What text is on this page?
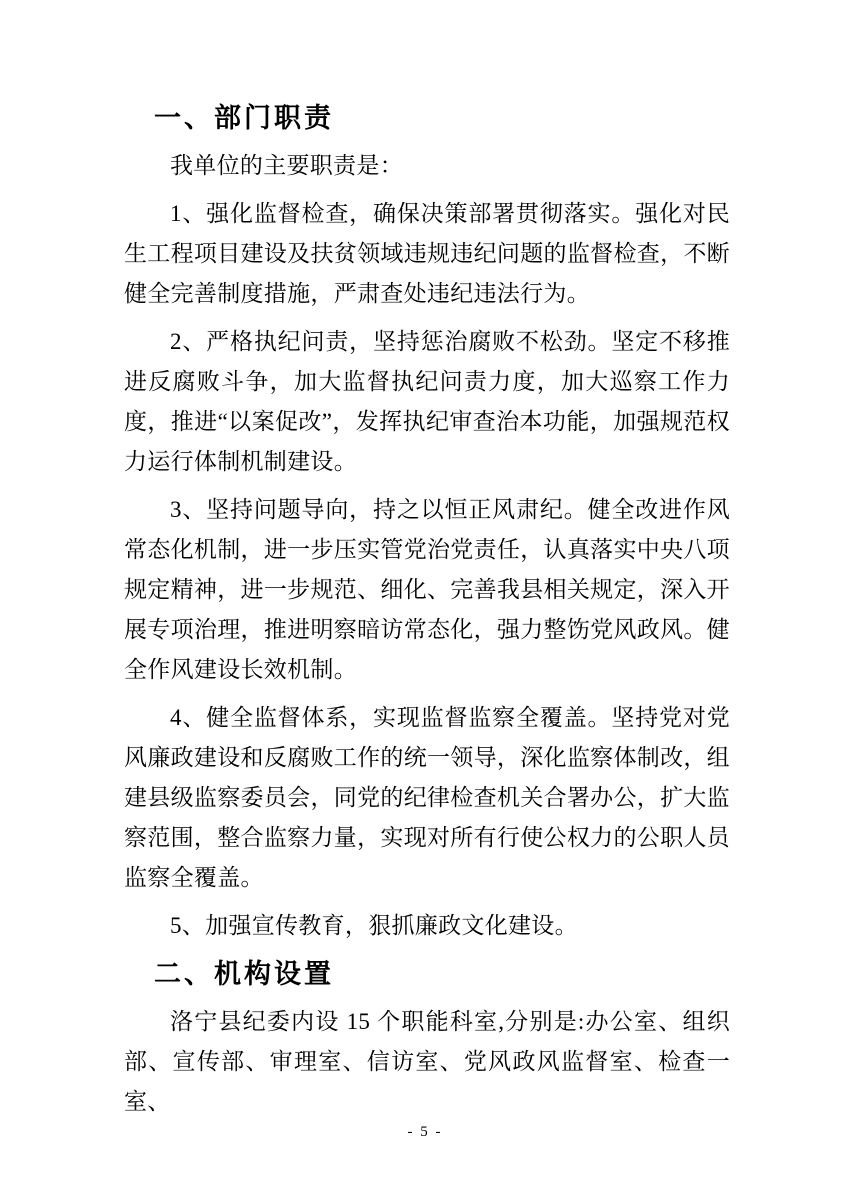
一、部门职责

我单位的主要职责是：

1、强化监督检查，确保决策部署贯彻落实。强化对民生工程项目建设及扶贫领域违规违纪问题的监督检查，不断健全完善制度措施，严肃查处违纪违法行为。

2、严格执纪问责，坚持惩治腐败不松劲。坚定不移推进反腐败斗争，加大监督执纪问责力度，加大巡察工作力度，推进“以案促改”，发挥执纪审查治本功能，加强规范权力运行体制机制建设。

3、坚持问题导向，持之以恒正风肃纪。健全改进作风常态化机制，进一步压实管党治党责任，认真落实中央八项规定精神，进一步规范、细化、完善我县相关规定，深入开展专项治理，推进明察暗访常态化，强力整饬党风政风。健全作风建设长效机制。

4、健全监督体系，实现监督监察全覆盖。坚持党对党风廉政建设和反腐败工作的统一领导，深化监察体制改，组建县级监察委员会，同党的纪律检查机关合署办公，扩大监察范围，整合监察力量，实现对所有行使公权力的公职人员监察全覆盖。

5、加强宣传教育，狠抓廉政文化建设。

二、机构设置

洛宁县纪委内设 15 个职能科室,分别是:办公室、组织部、宣传部、审理室、信访室、党风政风监督室、检查一室、

- 5 -
